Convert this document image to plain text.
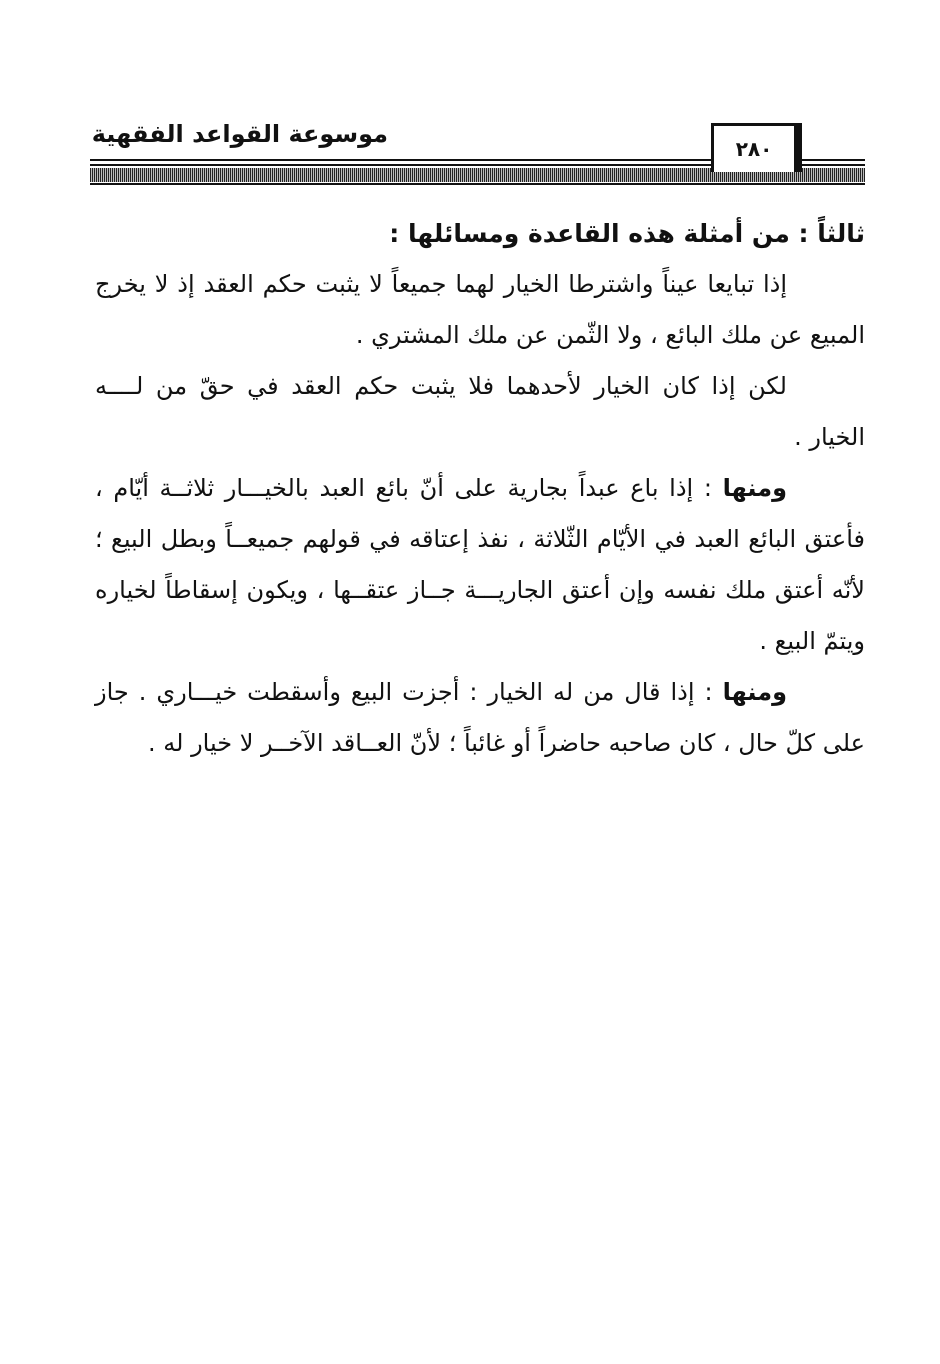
موسوعة القواعد الفقهية
٢٨٠

ثالثاً : من أمثلة هذه القاعدة ومسائلها :

إذا تبايعا عيناً واشترطا الخيار لهما جميعاً لا يثبت حكم العقد إذ لا يخرج المبيع عن ملك البائع ، ولا الثّمن عن ملك المشتري .

لكن إذا كان الخيار لأحدهما فلا يثبت حكم العقد في حقّ من لــــه الخيار .

ومنها : إذا باع عبداً بجارية على أنّ بائع العبد بالخيـــار ثلاثــة أيّام ، فأعتق البائع العبد في الأيّام الثّلاثة ، نفذ إعتاقه في قولهم جميعــاً وبطل البيع ؛ لأنّه أعتق ملك نفسه وإن أعتق الجاريـــة جــاز عتقــها ، ويكون إسقاطاً لخياره ويتمّ البيع .

ومنها : إذا قال من له الخيار : أجزت البيع وأسقطت خيـــاري . جاز على كلّ حال ، كان صاحبه حاضراً أو غائباً ؛ لأنّ العــاقد الآخــر لا خيار له .
